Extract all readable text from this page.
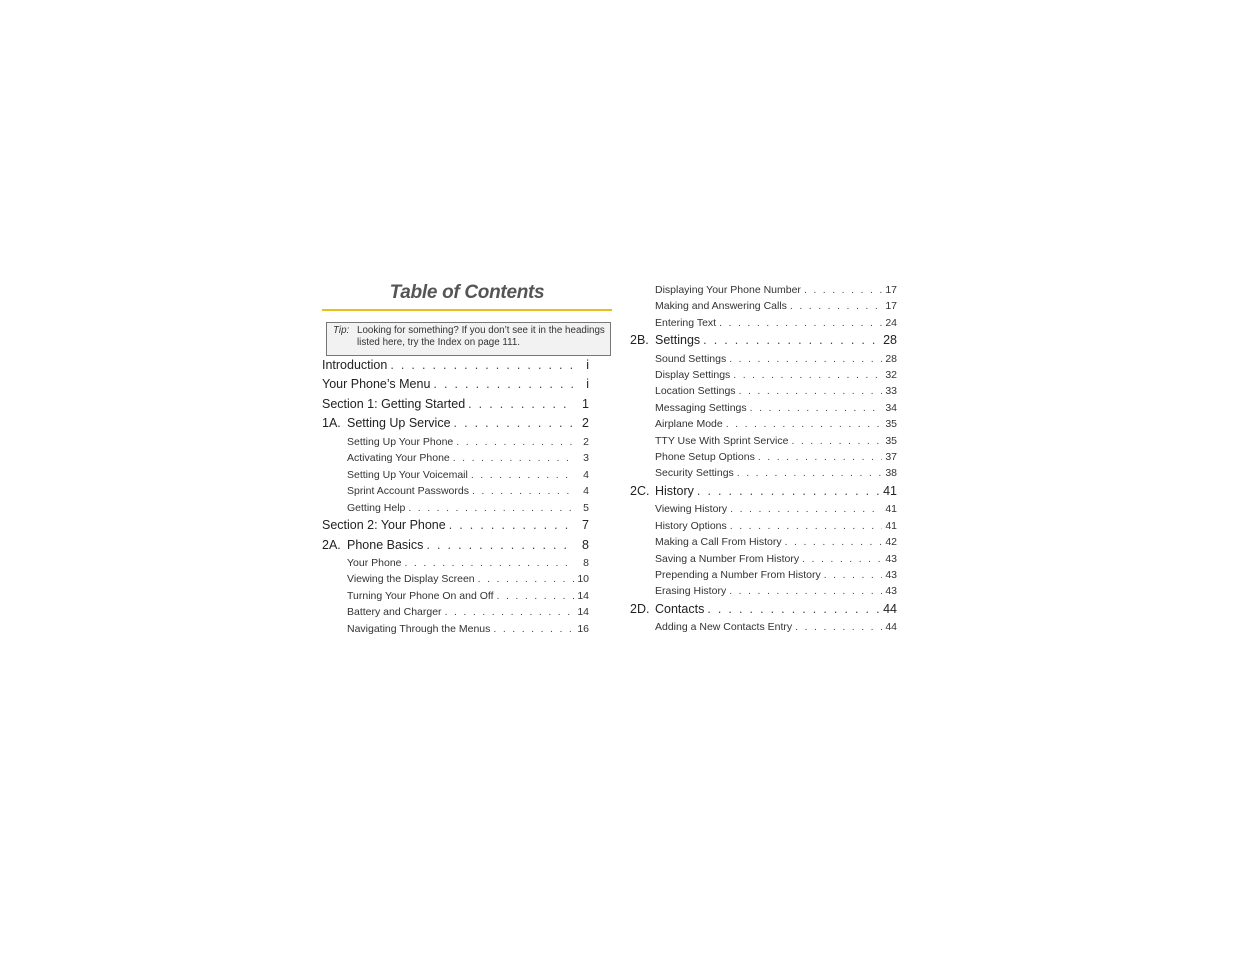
Table of Contents
Tip: Looking for something? If you don’t see it in the headings listed here, try the Index on page 111.
Introduction . . .	i
Your Phone’s Menu . . .	i
Section 1: Getting Started . . .	1
1A. Setting Up Service . . .	2
Setting Up Your Phone . . .	2
Activating Your Phone . . .	3
Setting Up Your Voicemail . . .	4
Sprint Account Passwords . . .	4
Getting Help . . .	5
Section 2: Your Phone . . .	7
2A. Phone Basics . . .	8
Your Phone . . .	8
Viewing the Display Screen . . .	10
Turning Your Phone On and Off . . .	14
Battery and Charger . . .	14
Navigating Through the Menus . . .	16
Displaying Your Phone Number . . .	17
Making and Answering Calls . . .	17
Entering Text . . .	24
2B. Settings . . .	28
Sound Settings . . .	28
Display Settings . . .	32
Location Settings . . .	33
Messaging Settings . . .	34
Airplane Mode . . .	35
TTY Use With Sprint Service . . .	35
Phone Setup Options . . .	37
Security Settings . . .	38
2C. History . . .	41
Viewing History . . .	41
History Options . . .	41
Making a Call From History . . .	42
Saving a Number From History . . .	43
Prepending a Number From History . . .	43
Erasing History . . .	43
2D. Contacts . . .	44
Adding a New Contacts Entry . . .	44
